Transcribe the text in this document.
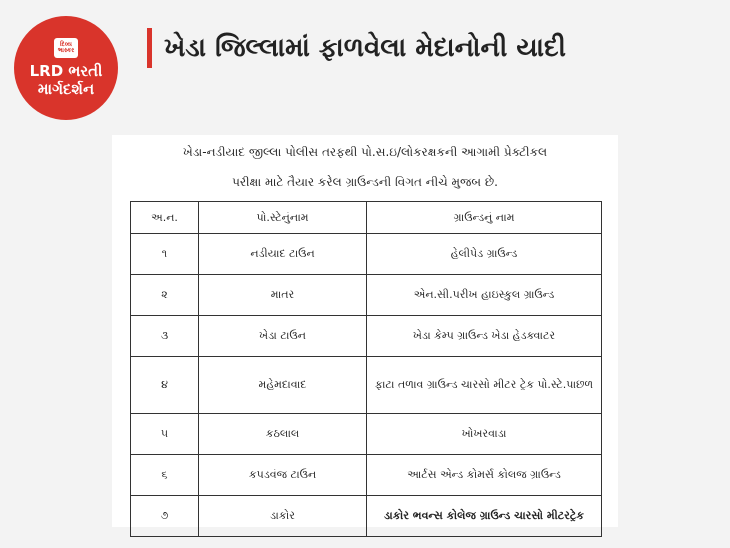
દિવ્ય ભાસ્કર
LRD ભરતી
માર્ગદર્શન
ખેડા જિલ્લામાં ફાળવેલા મેદાનોની યાદી
ખેડા-નડીયાદ જીલ્લા પોલીસ તરફથી પો.સ.ઇ/લોકરક્ષકની આગામી પ્રેક્ટીકલ
પરીક્ષા માટે તૈયાર કરેલ ગ્રાઉન્ડની વિગત નીચે મુજબ છે.
અ.ન.	પો.સ્ટેનુંનામ	ગ્રાઉન્ડનું નામ
૧	નડીયાદ ટાઉન	હેલીપેડ ગ્રાઉન્ડ
૨	માતર	એન.સી.પરીખ હાઇસ્કુલ ગ્રાઉન્ડ
૩	ખેડા ટાઉન	ખેડા કેમ્પ ગ્રાઉન્ડ ખેડા હેડક્વાટર
૪	મહેમદાવાદ	ફાટા તળાવ ગ્રાઉન્ડ ચારસો મીટર ટ્રેક પો.સ્ટે.પાછળ
૫	કઠલાલ	ખોખરવાડા
૬	કપડવંજ ટાઉન	આર્ટસ એન્ડ કોમર્સ કોલજ ગ્રાઉન્ડ
૭	ડાકોર	ડાકોર ભવન્સ કોલેજ ગ્રાઉન્ડ ચારસો મીટરટ્રેક
